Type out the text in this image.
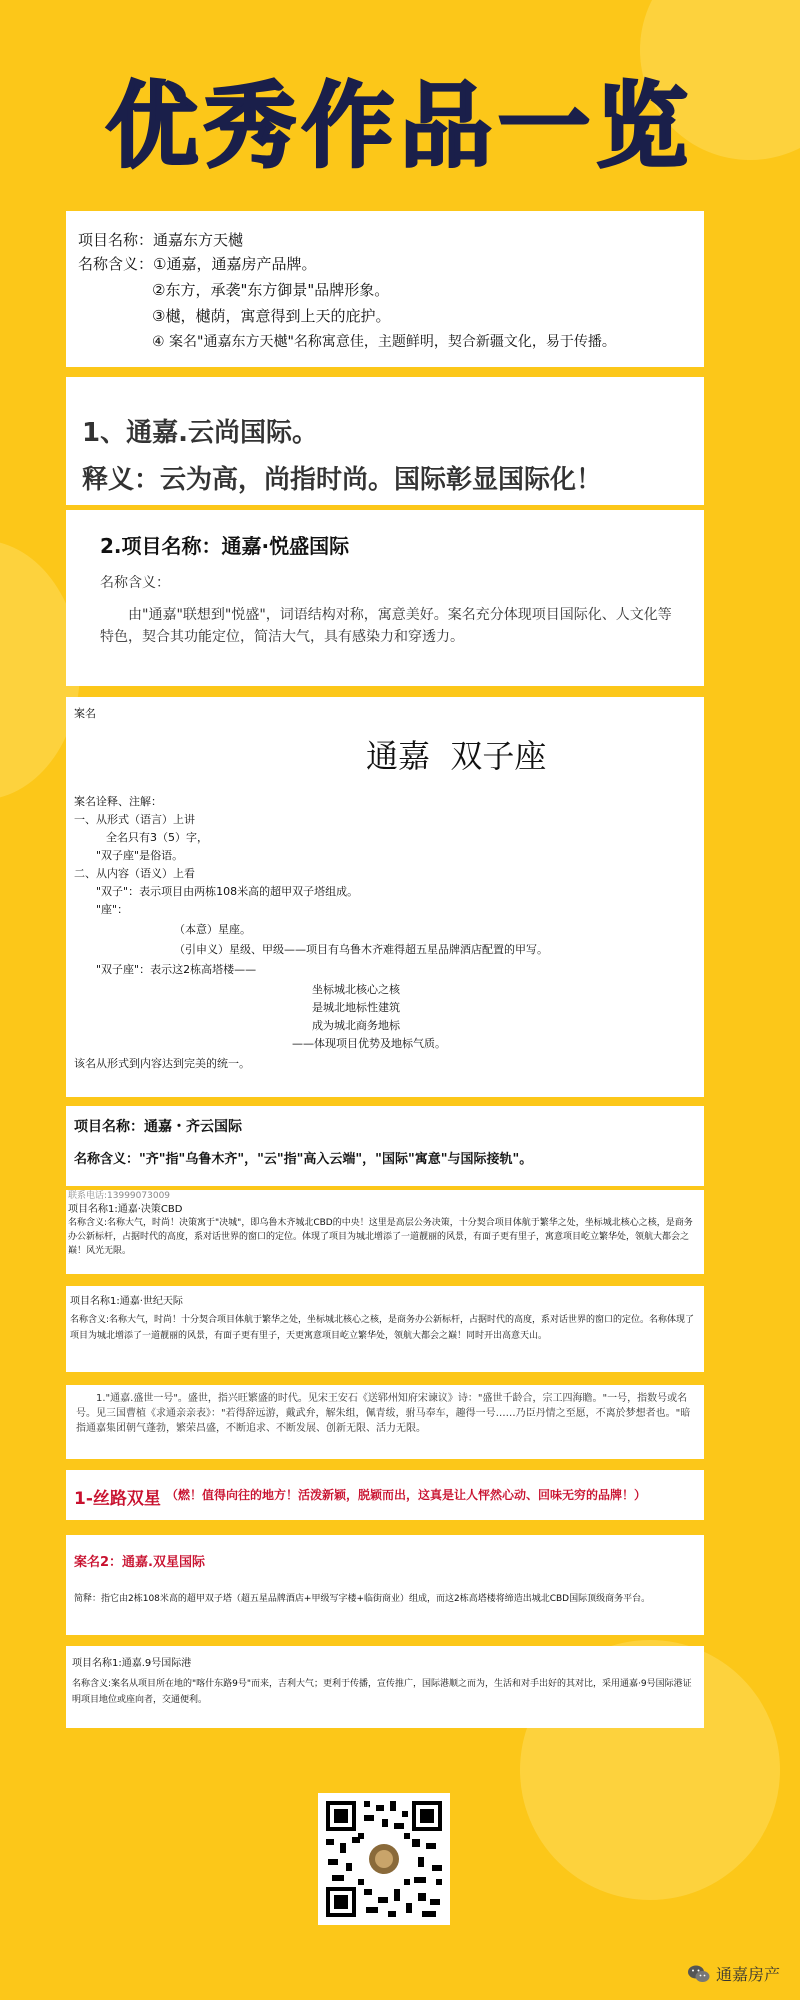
优秀作品一览
项目名称：通嘉东方天樾
名称含义：①通嘉，通嘉房产品牌。
②东方，承袭"东方御景"品牌形象。
③樾，樾荫，寓意得到上天的庇护。
④ 案名"通嘉东方天樾"名称寓意佳，主题鲜明，契合新疆文化，易于传播。
1、通嘉.云尚国际。
释义：云为高，尚指时尚。国际彰显国际化！
2.项目名称：通嘉·悦盛国际
名称含义：
由"通嘉"联想到"悦盛"，词语结构对称，寓意美好。案名充分体现项目国际化、人文化等特色，契合其功能定位，简洁大气，具有感染力和穿透力。
案名
通嘉  双子座
案名诠释、注解：
一、从形式（语言）上讲
全名只有3（5）字，
"双子座"是俗语。
二、从内容（语义）上看
"双子"：表示项目由两栋108米高的超甲双子塔组成。
"座"：
（本意）星座。
（引申义）星级、甲级——项目有乌鲁木齐难得超五星品牌酒店配置的甲写。
"双子座"：表示这2栋高塔楼——
坐标城北核心之核
是城北地标性建筑
成为城北商务地标
——体现项目优势及地标气质。
该名从形式到内容达到完美的统一。
项目名称：通嘉・齐云国际
名称含义："齐"指"乌鲁木齐"，"云"指"高入云端"，"国际"寓意"与国际接轨"。
联系电话:13999073009
项目名称1:通嘉·决策CBD
名称含义:名称大气，时尚！决策寓于"决城"，即乌鲁木齐城北CBD的中央！这里是高层公务决策，十分契合项目体航于繁华之处，坐标城北核心之核，是商务办公新标杆，占据时代的高度，系对话世界的窗口的定位。体现了项目为城北增添了一道靓丽的风景，有面子更有里子，寓意项目屹立繁华处，领航大都会之巅！风光无限。
项目名称1:通嘉·世纪天际
名称含义:名称大气，时尚！十分契合项目体航于繁华之处，坐标城北核心之核，是商务办公新标杆，占据时代的高度，系对话世界的窗口的定位。名称体现了项目为城北增添了一道靓丽的风景，有面子更有里子，天更寓意项目屹立繁华处，领航大都会之巅！同时开出高意天山。
1."通嘉.盛世一号"。盛世，指兴旺繁盛的时代。见宋王安石《送郓州知府宋谏议》诗："盛世千龄合，宗工四海瞻。"一号，指数号或名号。见三国曹植《求通亲亲表》："若得辞远游，戴武弁，解朱组，佩青绂，驸马奉车，趣得一号……乃臣丹情之至愿，不离於梦想者也。"暗指通嘉集团朝气蓬勃，繁荣昌盛，不断追求、不断发展、创新无限、活力无限。
1-丝路双星 （燃！值得向往的地方！活泼新颖，脱颖而出，这真是让人怦然心动、回味无穷的品牌！）
案名2：通嘉.双星国际
简释：指它由2栋108米高的超甲双子塔（超五星品牌酒店+甲级写字楼+临街商业）组成，而这2栋高塔楼将缔造出城北CBD国际顶级商务平台。
项目名称1:通嘉.9号国际港
名称含义:案名从项目所在地的"喀什东路9号"而来，吉利大气；更利于传播，宣传推广，国际港顺之而为，生活和对手出好的其对比，采用通嘉·9号国际港证明项目地位或座向者，交通便利。
通嘉房产
